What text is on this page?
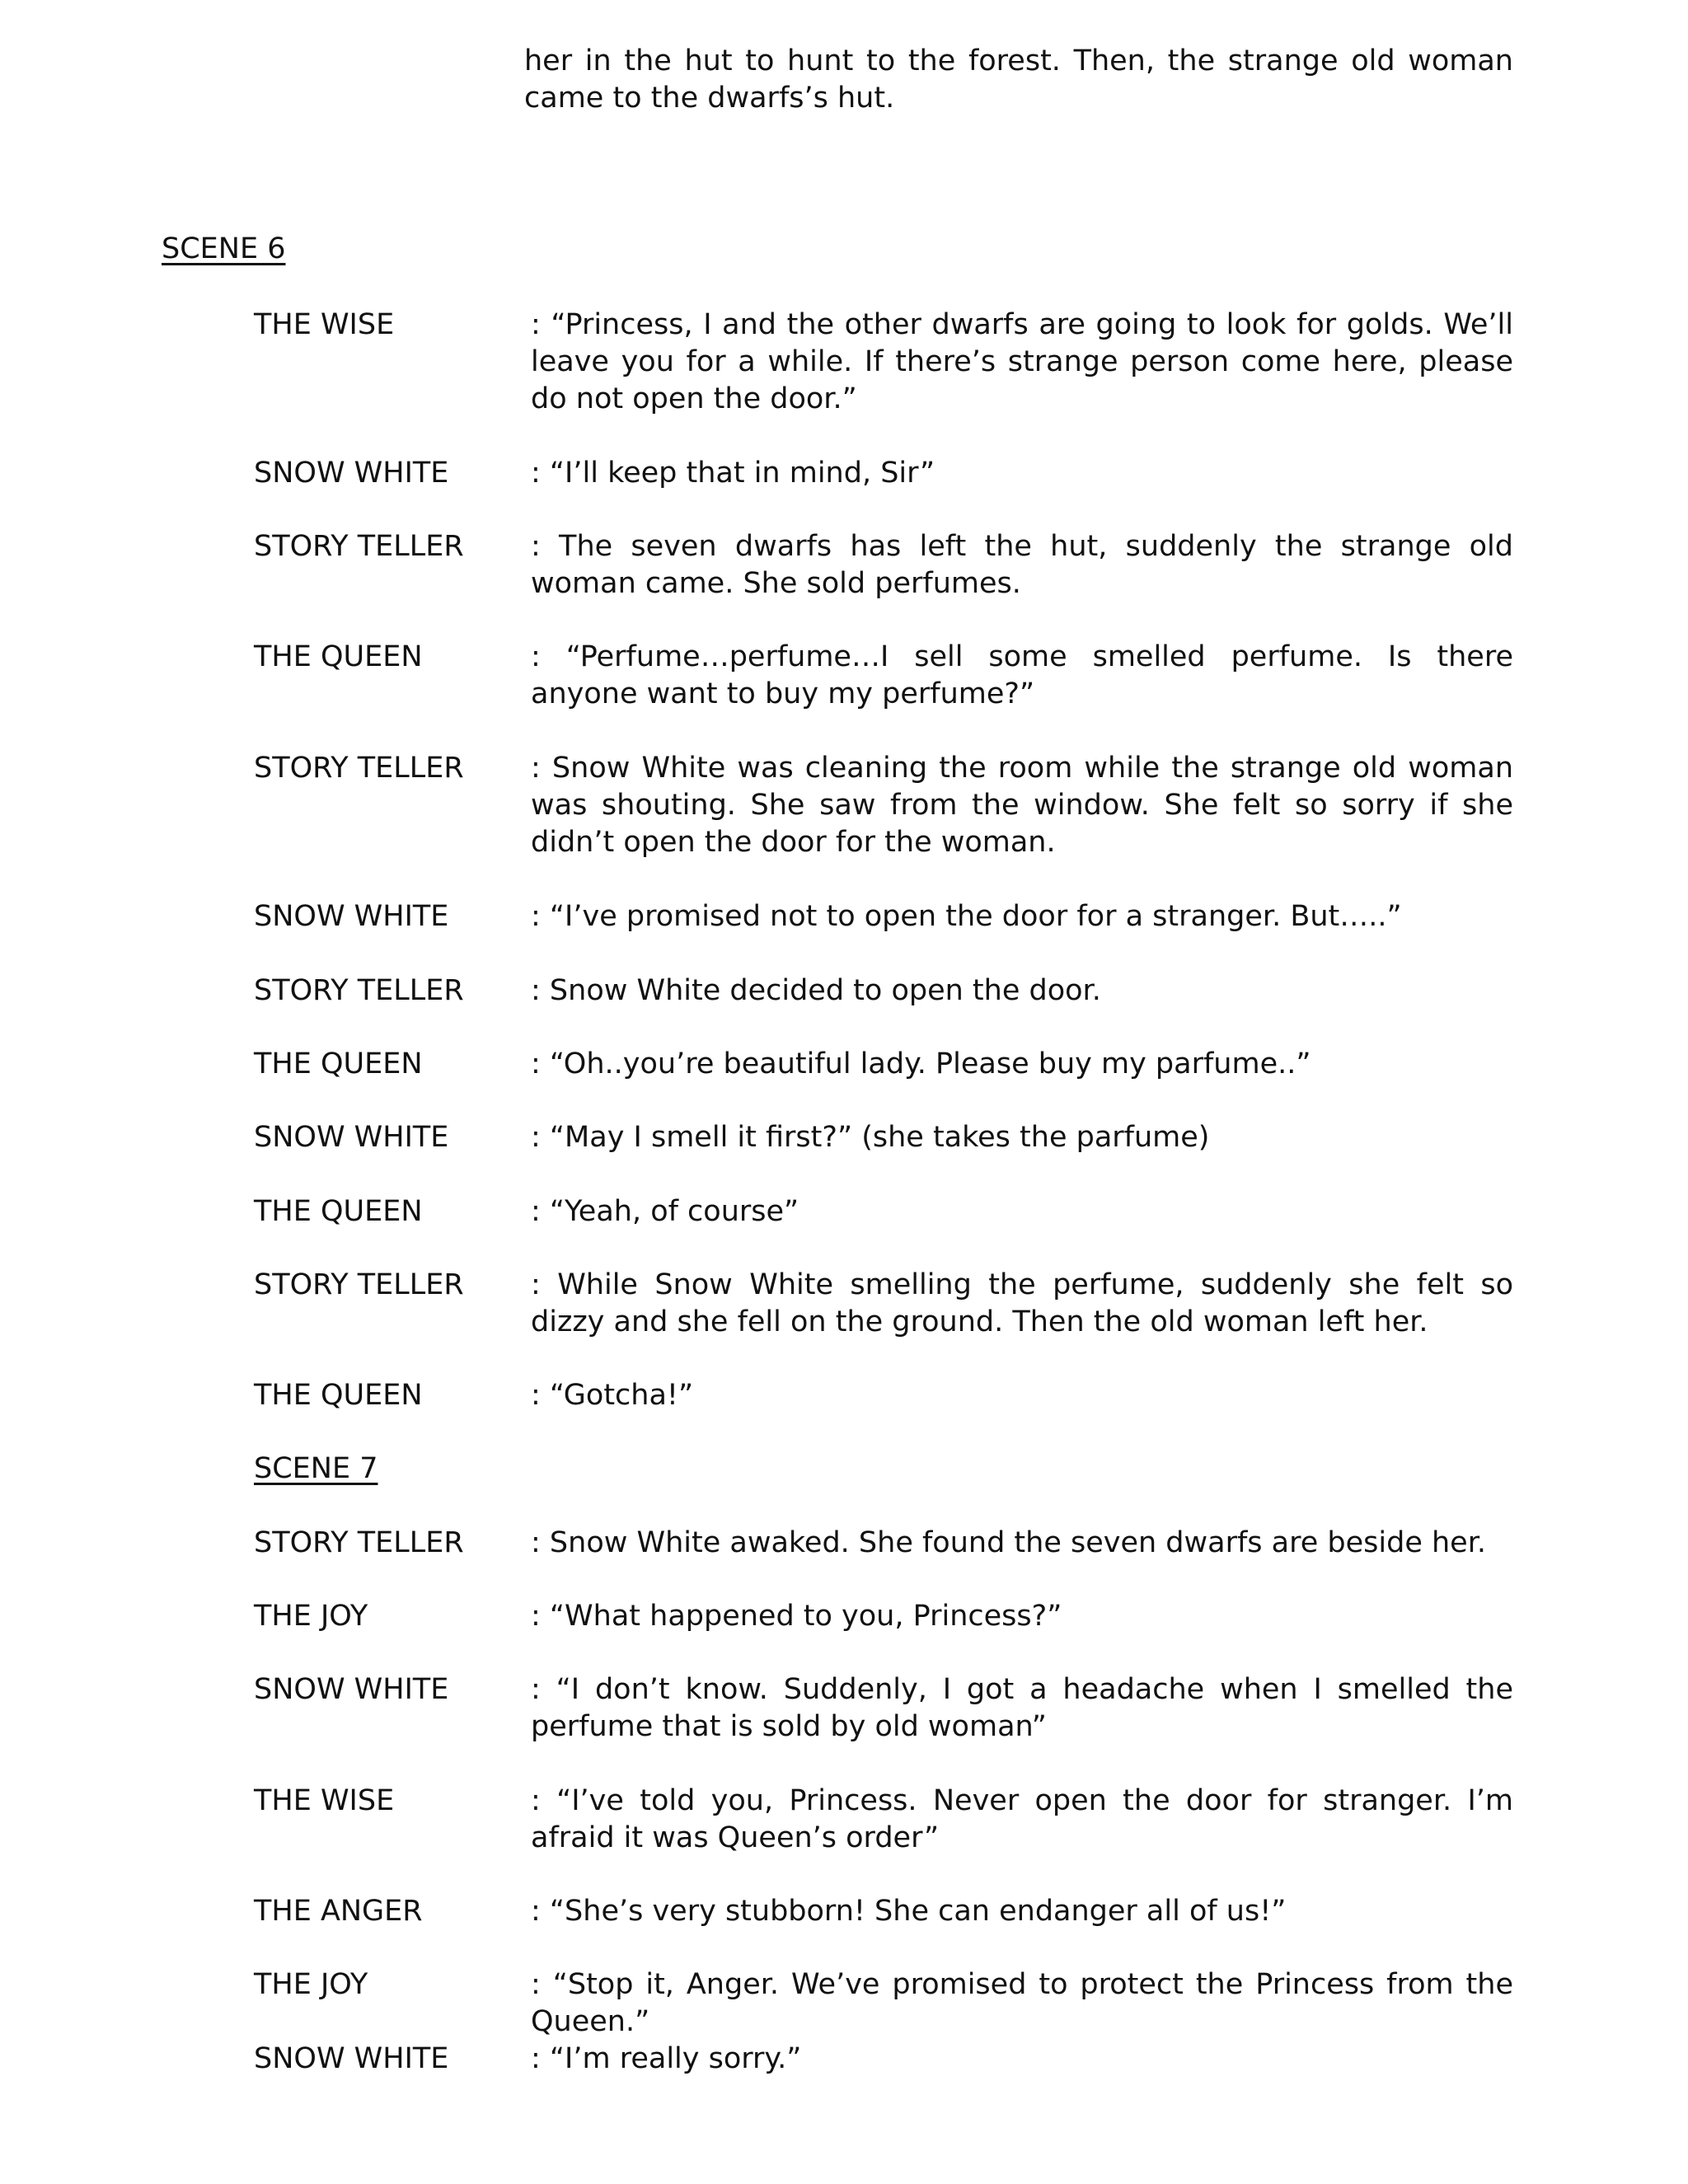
her in the hut to hunt to the forest. Then, the strange old woman came to the dwarfs’s hut.

SCENE 6

THE WISE	: “Princess, I and the other dwarfs are going to look for golds. We’ll leave you for a while. If there’s strange person come here, please do not open the door.”
SNOW WHITE	: “I’ll keep that in mind, Sir”
STORY TELLER	: The seven dwarfs has left the hut, suddenly the strange old woman came. She sold perfumes.
THE QUEEN	: “Perfume…perfume…I sell some smelled perfume. Is there anyone want to buy my perfume?”
STORY TELLER	: Snow White was cleaning the room while the strange old woman was shouting. She saw from the window. She felt so sorry if she didn’t open the door for the woman.
SNOW WHITE	: “I’ve promised not to open the door for a stranger. But…..”
STORY TELLER	: Snow White decided to open the door.
THE QUEEN	: “Oh..you’re beautiful lady. Please buy my parfume..”
SNOW WHITE	: “May I smell it first?” (she takes the parfume)
THE QUEEN	: “Yeah, of course”
STORY TELLER	: While Snow White smelling the perfume, suddenly she felt so dizzy and she fell on the ground. Then the old woman left her.
THE QUEEN	: “Gotcha!”

SCENE 7

STORY TELLER	: Snow White awaked. She found the seven dwarfs are beside her.
THE JOY	: “What happened to you, Princess?”
SNOW WHITE	: “I don’t know. Suddenly, I got a headache when I smelled the perfume that is sold by old woman”
THE WISE	: “I’ve told you, Princess. Never open the door for stranger. I’m afraid it was Queen’s order”
THE ANGER	: “She’s very stubborn! She can endanger all of us!”
THE JOY	: “Stop it, Anger. We’ve promised to protect the Princess from the Queen.”
SNOW WHITE	: “I’m really sorry.”
